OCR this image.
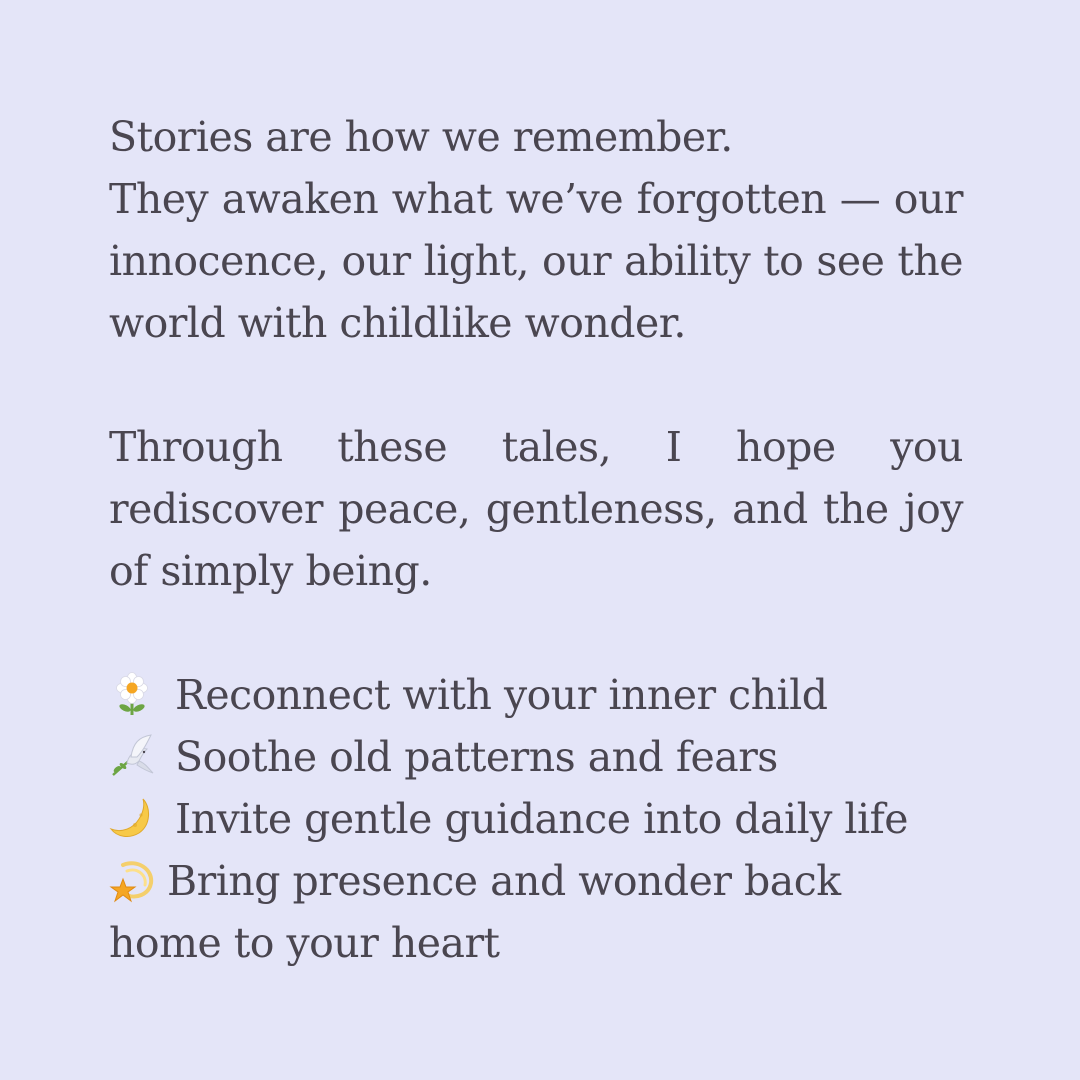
Stories are how we remember.
They awaken what we’ve forgotten — our innocence, our light, our ability to see the world with childlike wonder.

Through these tales, I hope you
rediscover peace, gentleness, and the joy of simply being.

Reconnect with your inner child
Soothe old patterns and fears
Invite gentle guidance into daily life
Bring presence and wonder back home to your heart
